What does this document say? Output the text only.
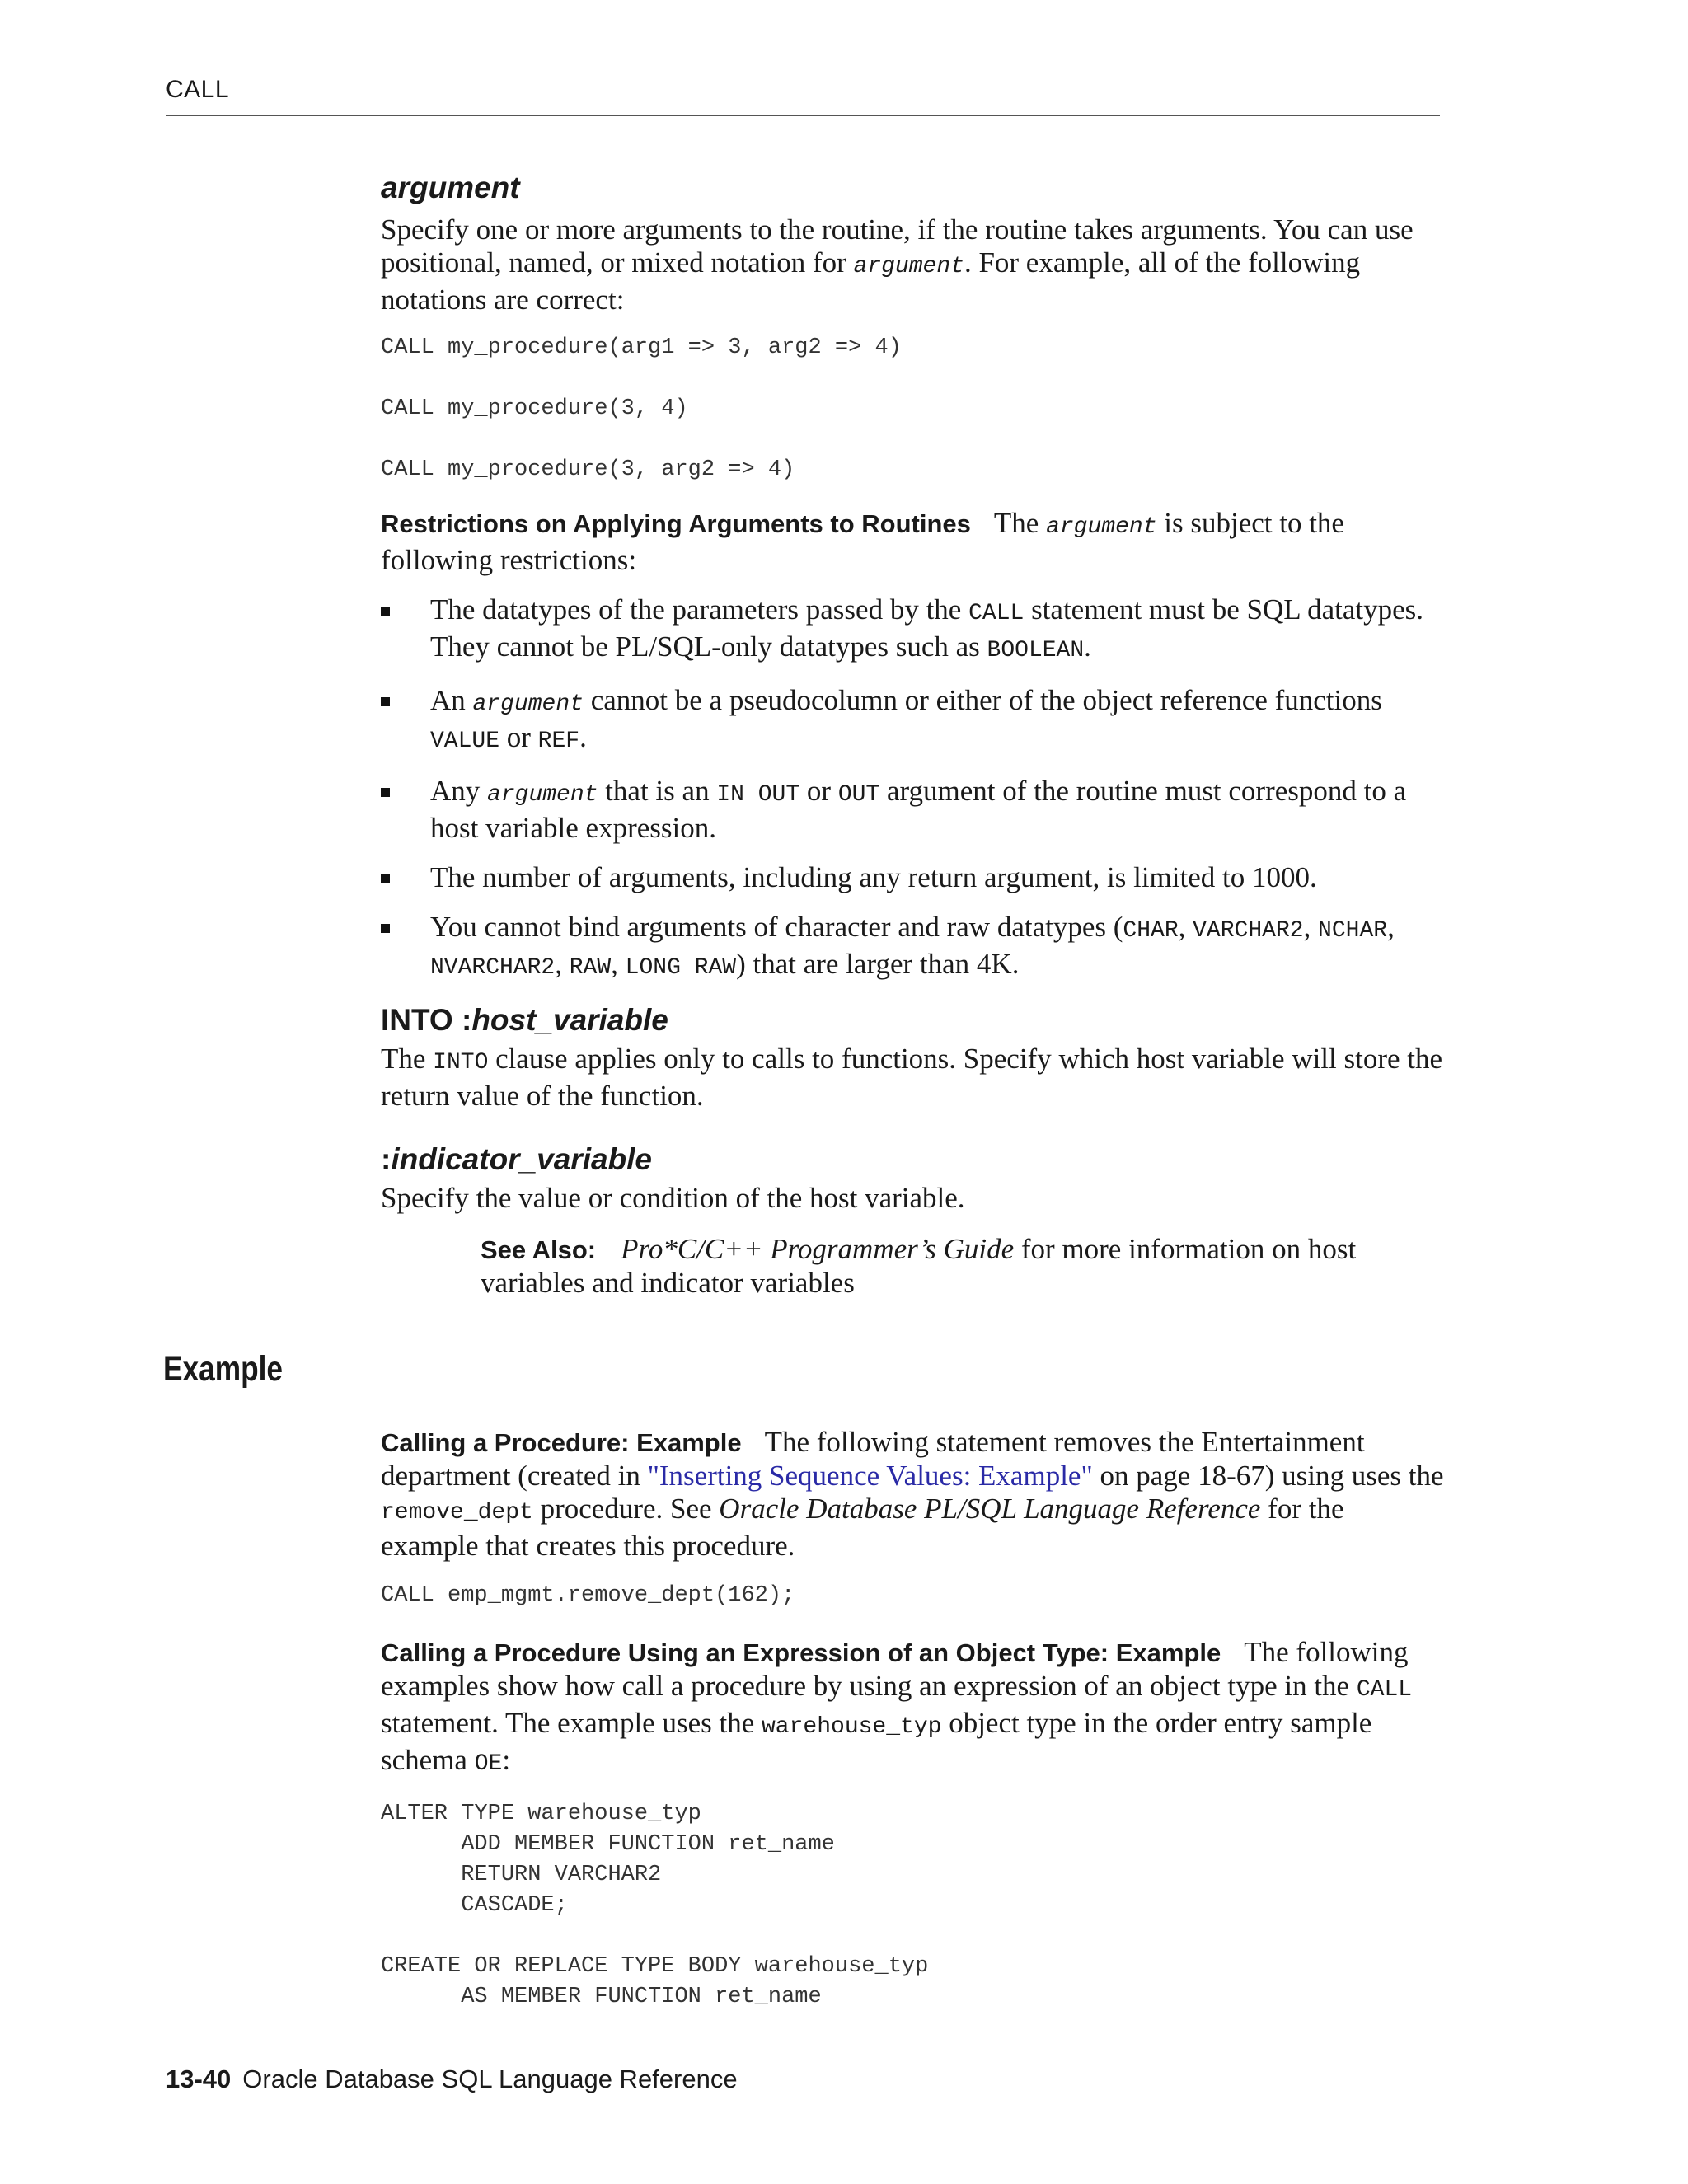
CALL
argument

Specify one or more arguments to the routine, if the routine takes arguments. You can use positional, named, or mixed notation for argument. For example, all of the following notations are correct:

CALL my_procedure(arg1 => 3, arg2 => 4)
CALL my_procedure(3, 4)
CALL my_procedure(3, arg2 => 4)

Restrictions on Applying Arguments to Routines The argument is subject to the following restrictions:

The datatypes of the parameters passed by the CALL statement must be SQL datatypes. They cannot be PL/SQL-only datatypes such as BOOLEAN.
An argument cannot be a pseudocolumn or either of the object reference functions VALUE or REF.
Any argument that is an IN OUT or OUT argument of the routine must correspond to a host variable expression.
The number of arguments, including any return argument, is limited to 1000.
You cannot bind arguments of character and raw datatypes (CHAR, VARCHAR2, NCHAR, NVARCHAR2, RAW, LONG RAW) that are larger than 4K.
INTO :host_variable

The INTO clause applies only to calls to functions. Specify which host variable will store the return value of the function.

:indicator_variable

Specify the value or condition of the host variable.

See Also: Pro*C/C++ Programmer’s Guide for more information on host variables and indicator variables

Example

Calling a Procedure: Example The following statement removes the Entertainment department (created in "Inserting Sequence Values: Example" on page 18-67) using uses the remove_dept procedure. See Oracle Database PL/SQL Language Reference for the example that creates this procedure.

CALL emp_mgmt.remove_dept(162);

Calling a Procedure Using an Expression of an Object Type: Example The following examples show how call a procedure by using an expression of an object type in the CALL statement. The example uses the warehouse_typ object type in the order entry sample schema OE:

ALTER TYPE warehouse_typ
ADD MEMBER FUNCTION ret_name
RETURN VARCHAR2
CASCADE;
CREATE OR REPLACE TYPE BODY warehouse_typ
AS MEMBER FUNCTION ret_name
13-40 Oracle Database SQL Language Reference
